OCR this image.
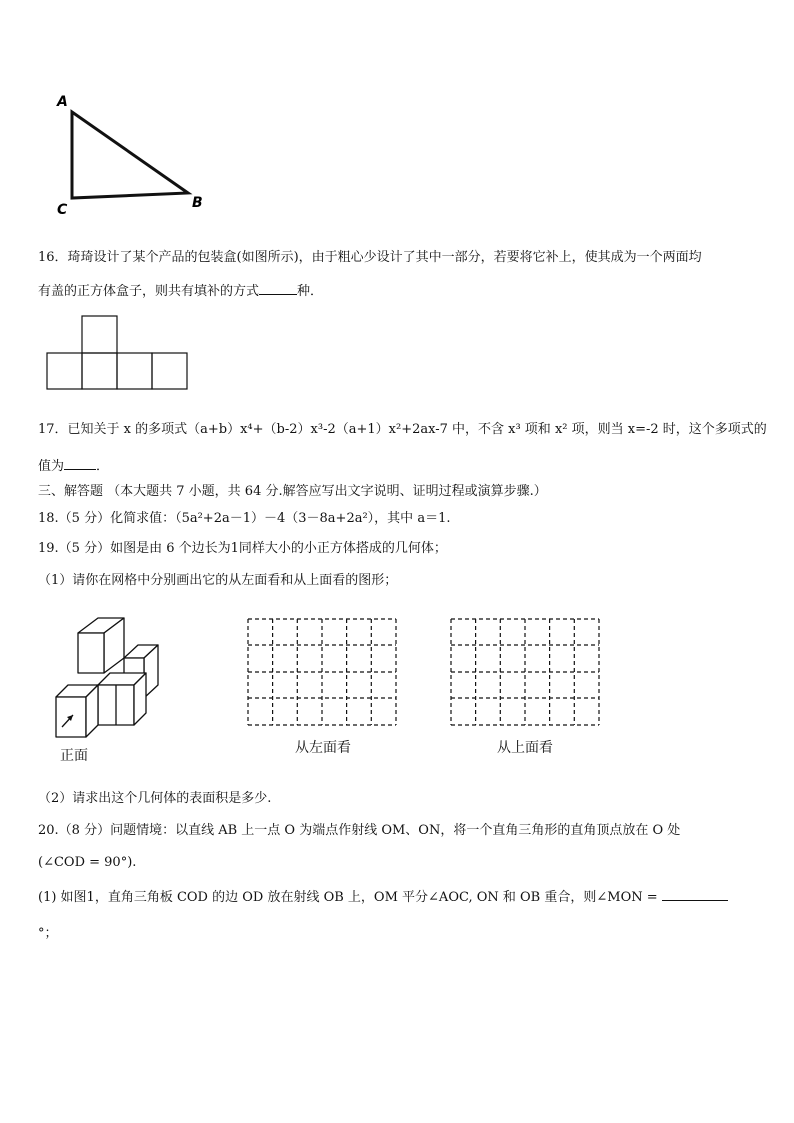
A
B
C
16．琦琦设计了某个产品的包装盒(如图所示)，由于粗心少设计了其中一部分，若要将它补上，使其成为一个两面均
有盖的正方体盒子，则共有填补的方式	种．
17．已知关于 x 的多项式（a+b）x⁴+（b-2）x³-2（a+1）x²+2ax-7 中，不含 x³ 项和 x² 项，则当 x=-2 时，这个多项式的
值为 ．
三、解答题 （本大题共 7 小题，共 64 分.解答应写出文字说明、证明过程或演算步骤.）
18.（5 分）化简求值：（5a²+2a－1）－4（3－8a+2a²），其中 a＝1.
19.（5 分）如图是由 6 个边长为1同样大小的小正方体搭成的几何体；
（1）请你在网格中分别画出它的从左面看和从上面看的图形；
正面	从左面看	从上面看
（2）请求出这个几何体的表面积是多少.
20.（8 分）问题情境：以直线 AB 上一点 O 为端点作射线 OM、ON，将一个直角三角形的直角顶点放在 O 处
(∠COD = 90°).
(1) 如图1，直角三角板 COD 的边 OD 放在射线 OB 上，OM 平分∠AOC, ON 和 OB 重合，则∠MON =
°；
